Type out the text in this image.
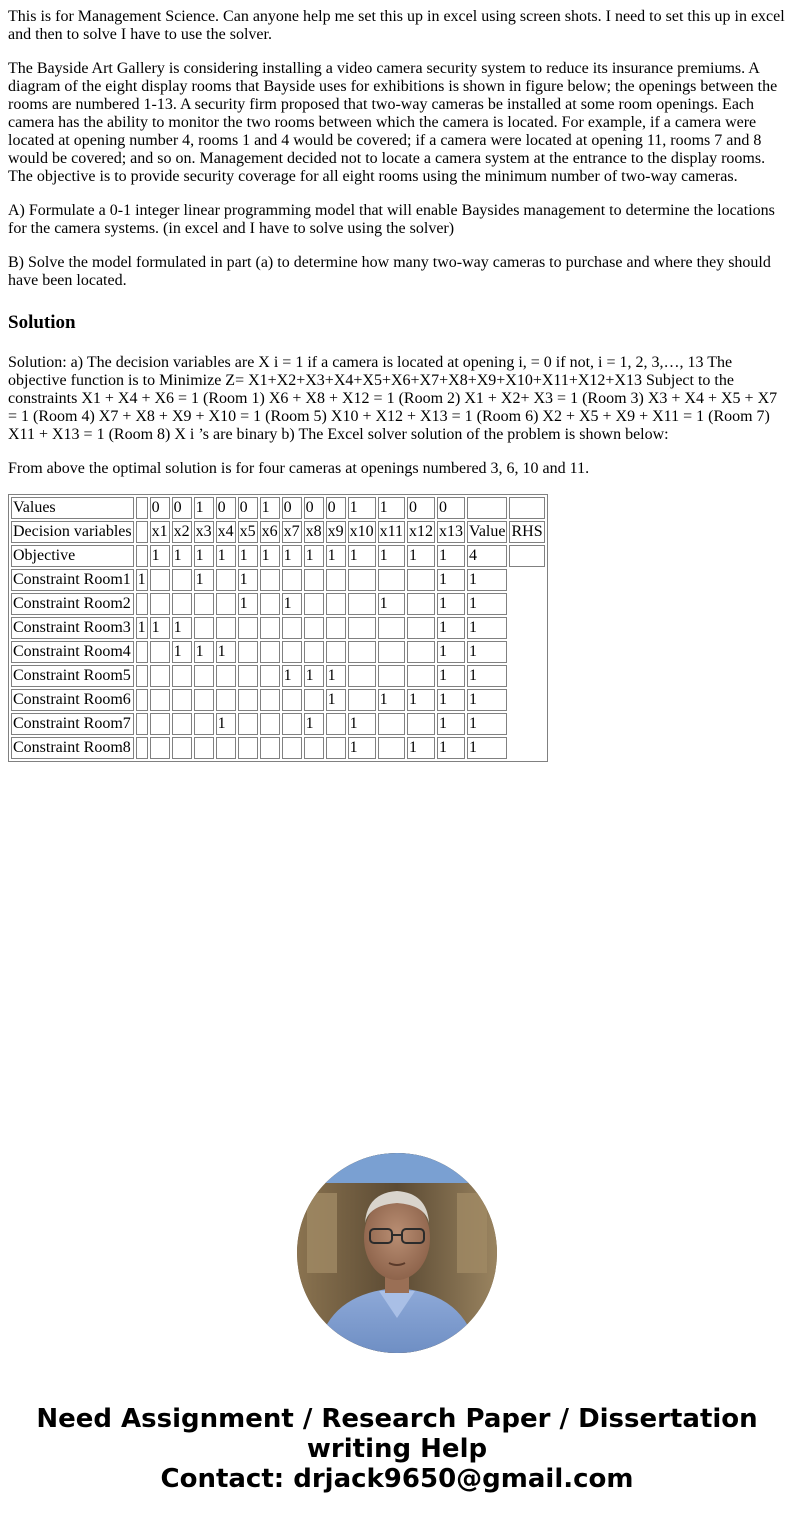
This is for Management Science. Can anyone help me set this up in excel using screen shots. I need to set this up in excel and then to solve I have to use the solver.

The Bayside Art Gallery is considering installing a video camera security system to reduce its insurance premiums. A diagram of the eight display rooms that Bayside uses for exhibitions is shown in figure below; the openings between the rooms are numbered 1-13. A security firm proposed that two-way cameras be installed at some room openings. Each camera has the ability to monitor the two rooms between which the camera is located. For example, if a camera were located at opening number 4, rooms 1 and 4 would be covered; if a camera were located at opening 11, rooms 7 and 8 would be covered; and so on. Management decided not to locate a camera system at the entrance to the display rooms. The objective is to provide security coverage for all eight rooms using the minimum number of two-way cameras.

A) Formulate a 0-1 integer linear programming model that will enable Baysides management to determine the locations for the camera systems. (in excel and I have to solve using the solver)

B) Solve the model formulated in part (a) to determine how many two-way cameras to purchase and where they should have been located.

Solution

Solution: a) The decision variables are X i = 1 if a camera is located at opening i, = 0 if not, i = 1, 2, 3,…, 13 The objective function is to Minimize Z= X1+X2+X3+X4+X5+X6+X7+X8+X9+X10+X11+X12+X13 Subject to the constraints X1 + X4 + X6 = 1 (Room 1) X6 + X8 + X12 = 1 (Room 2) X1 + X2+ X3 = 1 (Room 3) X3 + X4 + X5 + X7 = 1 (Room 4) X7 + X8 + X9 + X10 = 1 (Room 5) X10 + X12 + X13 = 1 (Room 6) X2 + X5 + X9 + X11 = 1 (Room 7) X11 + X13 = 1 (Room 8) X i ’s are binary b) The Excel solver solution of the problem is shown below:

From above the optimal solution is for four cameras at openings numbered 3, 6, 10 and 11.

Values		0	0	1	0	0	1	0	0	0	1	1	0	0		
Decision variables		x1	x2	x3	x4	x5	x6	x7	x8	x9	x10	x11	x12	x13	Value	RHS
Objective		1	1	1	1	1	1	1	1	1	1	1	1	1	4	
Constraint Room1	1			1		1								1	1	
Constraint Room2						1		1				1		1	1	
Constraint Room3	1	1	1											1	1	
Constraint Room4			1	1	1									1	1	
Constraint Room5								1	1	1				1	1	
Constraint Room6										1		1	1	1	1	
Constraint Room7					1				1		1			1	1	
Constraint Room8											1		1	1	1	
Need Assignment / Research Paper / Dissertation
writing Help
Contact: drjack9650@gmail.com
